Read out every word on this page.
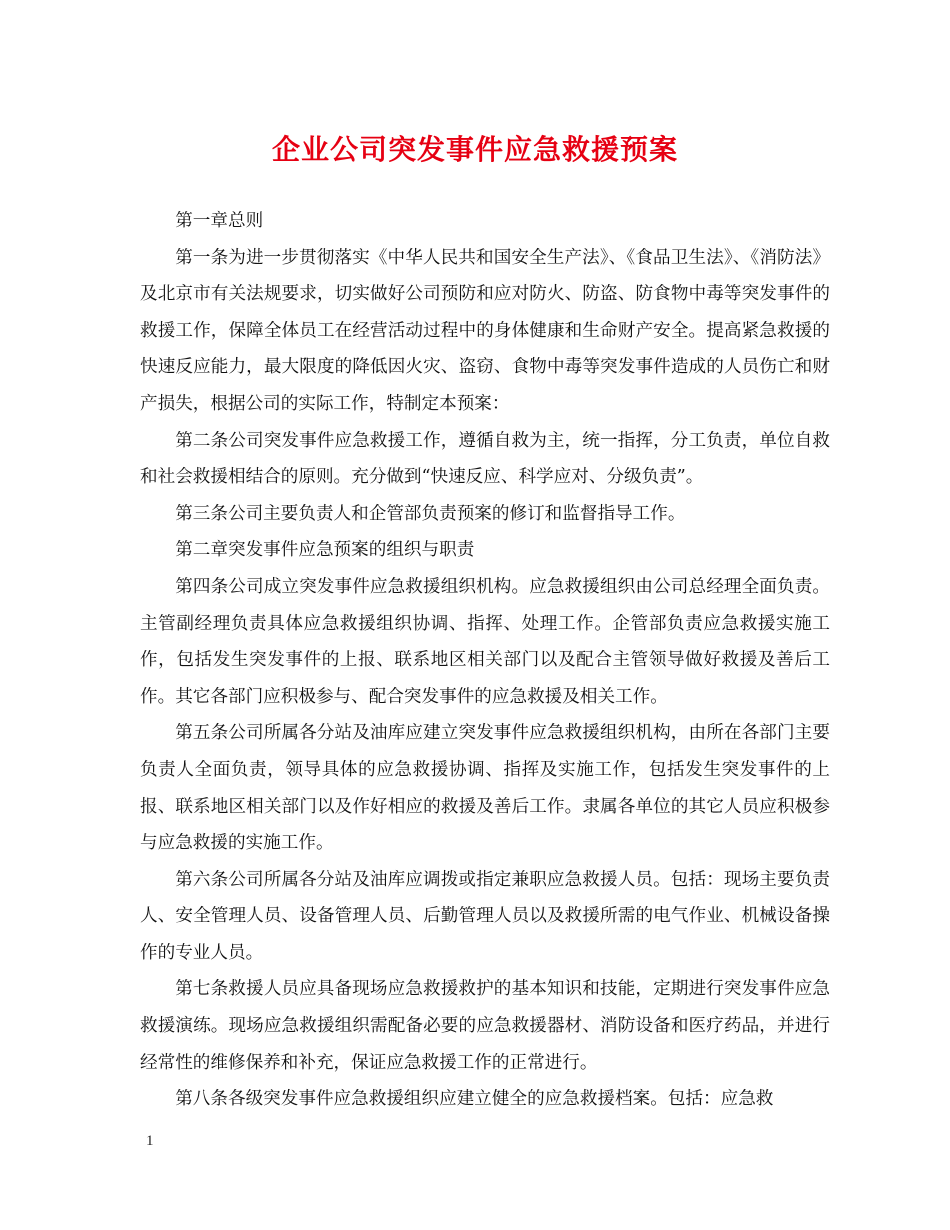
企业公司突发事件应急救援预案

第一章总则

第一条为进一步贯彻落实《中华人民共和国安全生产法》、《食品卫生法》、《消防法》及北京市有关法规要求，切实做好公司预防和应对防火、防盗、防食物中毒等突发事件的救援工作，保障全体员工在经营活动过程中的身体健康和生命财产安全。提高紧急救援的快速反应能力，最大限度的降低因火灾、盗窃、食物中毒等突发事件造成的人员伤亡和财产损失，根据公司的实际工作，特制定本预案：

第二条公司突发事件应急救援工作，遵循自救为主，统一指挥，分工负责，单位自救和社会救援相结合的原则。充分做到“快速反应、科学应对、分级负责”。

第三条公司主要负责人和企管部负责预案的修订和监督指导工作。

第二章突发事件应急预案的组织与职责

第四条公司成立突发事件应急救援组织机构。应急救援组织由公司总经理全面负责。主管副经理负责具体应急救援组织协调、指挥、处理工作。企管部负责应急救援实施工作，包括发生突发事件的上报、联系地区相关部门以及配合主管领导做好救援及善后工作。其它各部门应积极参与、配合突发事件的应急救援及相关工作。

第五条公司所属各分站及油库应建立突发事件应急救援组织机构，由所在各部门主要负责人全面负责，领导具体的应急救援协调、指挥及实施工作，包括发生突发事件的上报、联系地区相关部门以及作好相应的救援及善后工作。隶属各单位的其它人员应积极参与应急救援的实施工作。

第六条公司所属各分站及油库应调拨或指定兼职应急救援人员。包括：现场主要负责人、安全管理人员、设备管理人员、后勤管理人员以及救援所需的电气作业、机械设备操作的专业人员。

第七条救援人员应具备现场应急救援救护的基本知识和技能，定期进行突发事件应急救援演练。现场应急救援组织需配备必要的应急救援器材、消防设备和医疗药品，并进行经常性的维修保养和补充，保证应急救援工作的正常进行。

第八条各级突发事件应急救援组织应建立健全的应急救援档案。包括：应急救

1
